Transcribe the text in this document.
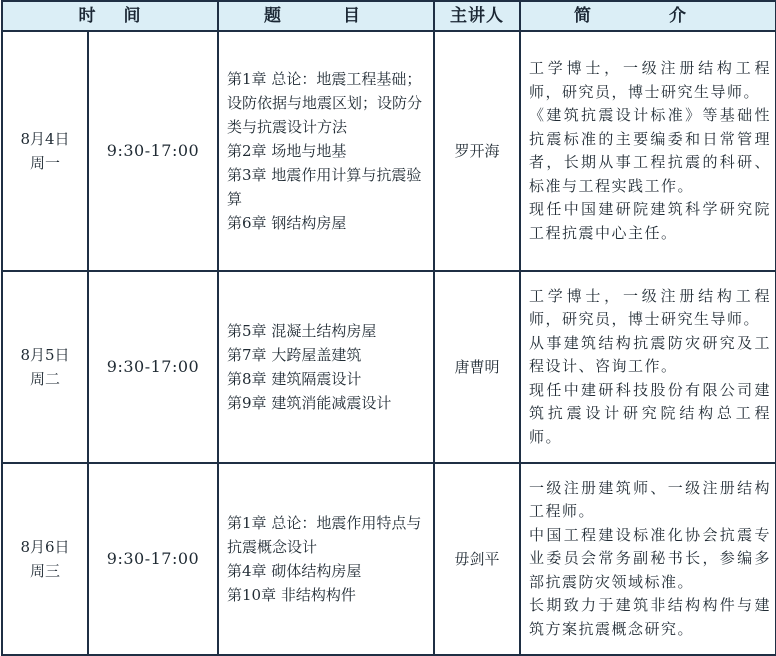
时 间		题 目	主讲人	简 介

8月4日
周一	9:30-17:00	第1章 总论：地震工程基础；设防依据与地震区划；设防分类与抗震设计方法
第2章 场地与地基
第3章 地震作用计算与抗震验算
第6章 钢结构房屋	罗开海	工学博士，一级注册结构工程师，研究员，博士研究生导师。
《建筑抗震设计标准》等基础性抗震标准的主要编委和日常管理者，长期从事工程抗震的科研、标准与工程实践工作。
现任中国建研院建筑科学研究院工程抗震中心主任。

8月5日
周二	9:30-17:00	第5章 混凝土结构房屋
第7章 大跨屋盖建筑
第8章 建筑隔震设计
第9章 建筑消能减震设计	唐曹明	工学博士，一级注册结构工程师，研究员，博士研究生导师。
从事建筑结构抗震防灾研究及工程设计、咨询工作。
现任中建研科技股份有限公司建筑抗震设计研究院结构总工程师。

8月6日
周三	9:30-17:00	第1章 总论：地震作用特点与抗震概念设计
第4章 砌体结构房屋
第10章 非结构构件	毋剑平	一级注册建筑师、一级注册结构工程师。
中国工程建设标准化协会抗震专业委员会常务副秘书长，参编多部抗震防灾领域标准。
长期致力于建筑非结构构件与建筑方案抗震概念研究。
